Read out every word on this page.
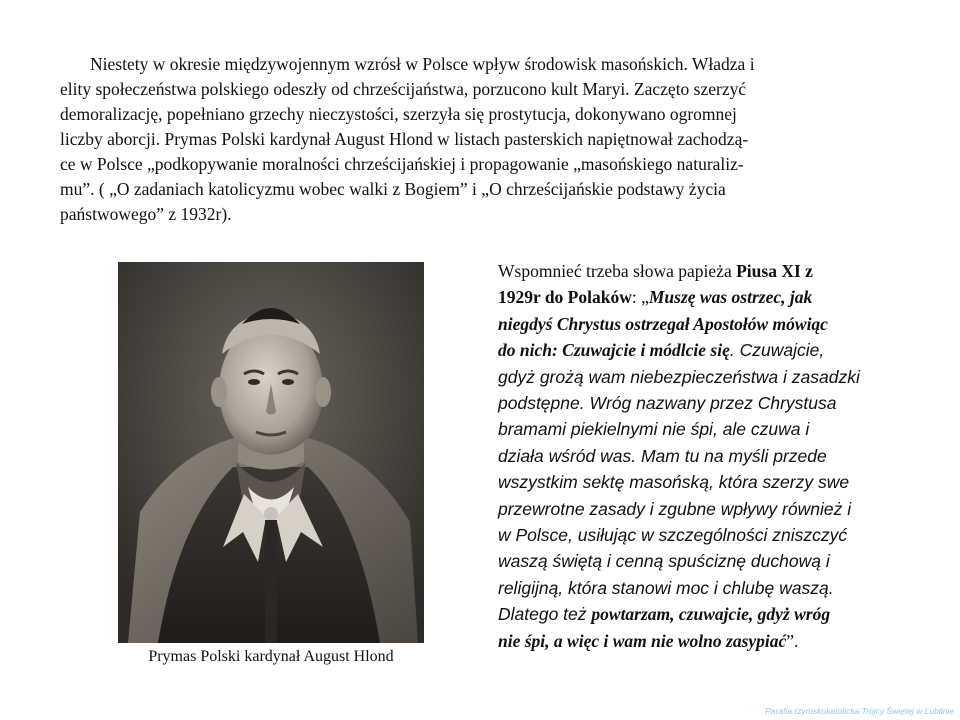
Niestety w okresie międzywojennym wzrósł w Polsce wpływ środowisk masońskich. Władza i
elity społeczeństwa polskiego odeszły od chrześcijaństwa, porzucono kult Maryi. Zaczęto szerzyć
demoralizację, popełniano grzechy nieczystości, szerzyła się prostytucja, dokonywano ogromnej
liczby aborcji. Prymas Polski kardynał August Hlond w listach pasterskich napiętnował zachodzą-
ce w Polsce „podkopywanie moralności chrześcijańskiej i propagowanie „masońskiego naturaliz-
mu”. ( „O zadaniach katolicyzmu wobec walki z Bogiem” i „O chrześcijańskie podstawy życia
państwowego” z 1932r).
Prymas Polski kardynał August Hlond
Wspomnieć trzeba słowa papieża Piusa XI z
1929r do Polaków: „Muszę was ostrzec, jak
niegdyś Chrystus ostrzegał Apostołów mówiąc
do nich: Czuwajcie i módlcie się. Czuwajcie,
gdyż grożą wam niebezpieczeństwa i zasadzki
podstępne. Wróg nazwany przez Chrystusa
bramami piekielnymi nie śpi, ale czuwa i
działa wśród was. Mam tu na myśli przede
wszystkim sektę masońską, która szerzy swe
przewrotne zasady i zgubne wpływy również i
w Polsce, usiłując w szczególności zniszczyć
waszą świętą i cenną spuściznę duchową i
religijną, która stanowi moc i chlubę waszą.
Dlatego też powtarzam, czuwajcie, gdyż wróg
nie śpi, a więc i wam nie wolno zasypiać”.
Parafia rzymskokatolicka Trójcy Świętej w Lublinie
